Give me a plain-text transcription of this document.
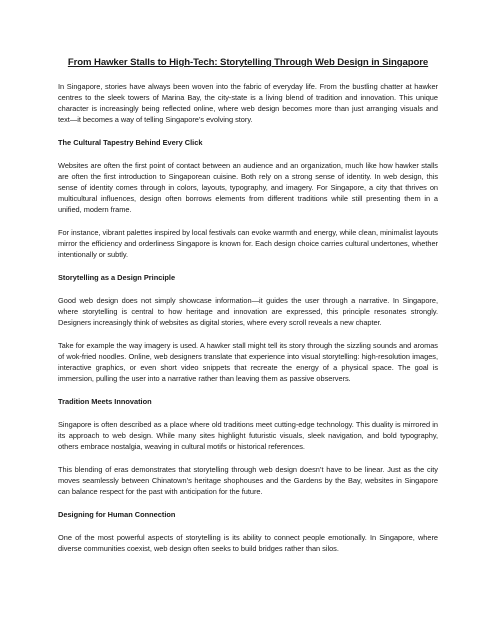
From Hawker Stalls to High-Tech: Storytelling Through Web Design in Singapore

In Singapore, stories have always been woven into the fabric of everyday life. From the bustling chatter at hawker centres to the sleek towers of Marina Bay, the city-state is a living blend of tradition and innovation. This unique character is increasingly being reflected online, where web design becomes more than just arranging visuals and text—it becomes a way of telling Singapore’s evolving story.

The Cultural Tapestry Behind Every Click

Websites are often the first point of contact between an audience and an organization, much like how hawker stalls are often the first introduction to Singaporean cuisine. Both rely on a strong sense of identity. In web design, this sense of identity comes through in colors, layouts, typography, and imagery. For Singapore, a city that thrives on multicultural influences, design often borrows elements from different traditions while still presenting them in a unified, modern frame.

For instance, vibrant palettes inspired by local festivals can evoke warmth and energy, while clean, minimalist layouts mirror the efficiency and orderliness Singapore is known for. Each design choice carries cultural undertones, whether intentionally or subtly.

Storytelling as a Design Principle

Good web design does not simply showcase information—it guides the user through a narrative. In Singapore, where storytelling is central to how heritage and innovation are expressed, this principle resonates strongly. Designers increasingly think of websites as digital stories, where every scroll reveals a new chapter.

Take for example the way imagery is used. A hawker stall might tell its story through the sizzling sounds and aromas of wok-fried noodles. Online, web designers translate that experience into visual storytelling: high-resolution images, interactive graphics, or even short video snippets that recreate the energy of a physical space. The goal is immersion, pulling the user into a narrative rather than leaving them as passive observers.

Tradition Meets Innovation

Singapore is often described as a place where old traditions meet cutting-edge technology. This duality is mirrored in its approach to web design. While many sites highlight futuristic visuals, sleek navigation, and bold typography, others embrace nostalgia, weaving in cultural motifs or historical references.

This blending of eras demonstrates that storytelling through web design doesn’t have to be linear. Just as the city moves seamlessly between Chinatown’s heritage shophouses and the Gardens by the Bay, websites in Singapore can balance respect for the past with anticipation for the future.

Designing for Human Connection

One of the most powerful aspects of storytelling is its ability to connect people emotionally. In Singapore, where diverse communities coexist, web design often seeks to build bridges rather than silos.
